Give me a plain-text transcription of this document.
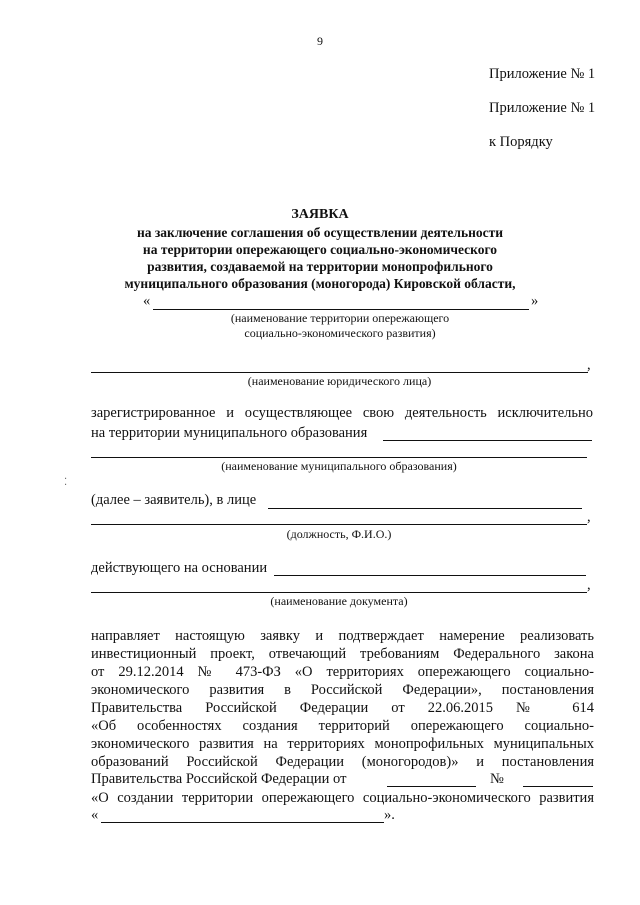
9
Приложение № 1
Приложение № 1
к Порядку
ЗАЯВКА
на заключение соглашения об осуществлении деятельности
на территории опережающего социально-экономического
развития, создаваемой на территории монопрофильного
муниципального образования (моногорода) Кировской области,
«	»
(наименование территории опережающего
социально-экономического развития)
,
(наименование юридического лица)
зарегистрированное и осуществляющее свою деятельность исключительно
на территории муниципального образования
(наименование муниципального образования)
⁚
(далее – заявитель), в лице
,
(должность, Ф.И.О.)
действующего на основании
,
(наименование документа)
направляет настоящую заявку и подтверждает намерение реализовать
инвестиционный проект, отвечающий требованиям Федерального закона
от 29.12.2014 № 473-ФЗ «О территориях опережающего социально-
экономического развития в Российской Федерации», постановления
Правительства Российской Федерации от 22.06.2015 № 614
«Об особенностях создания территорий опережающего социально-
экономического развития на территориях монопрофильных муниципальных
образований Российской Федерации (моногородов)» и постановления
Правительства Российской Федерации от	№
«О создании территории опережающего социально-экономического развития
«	».
